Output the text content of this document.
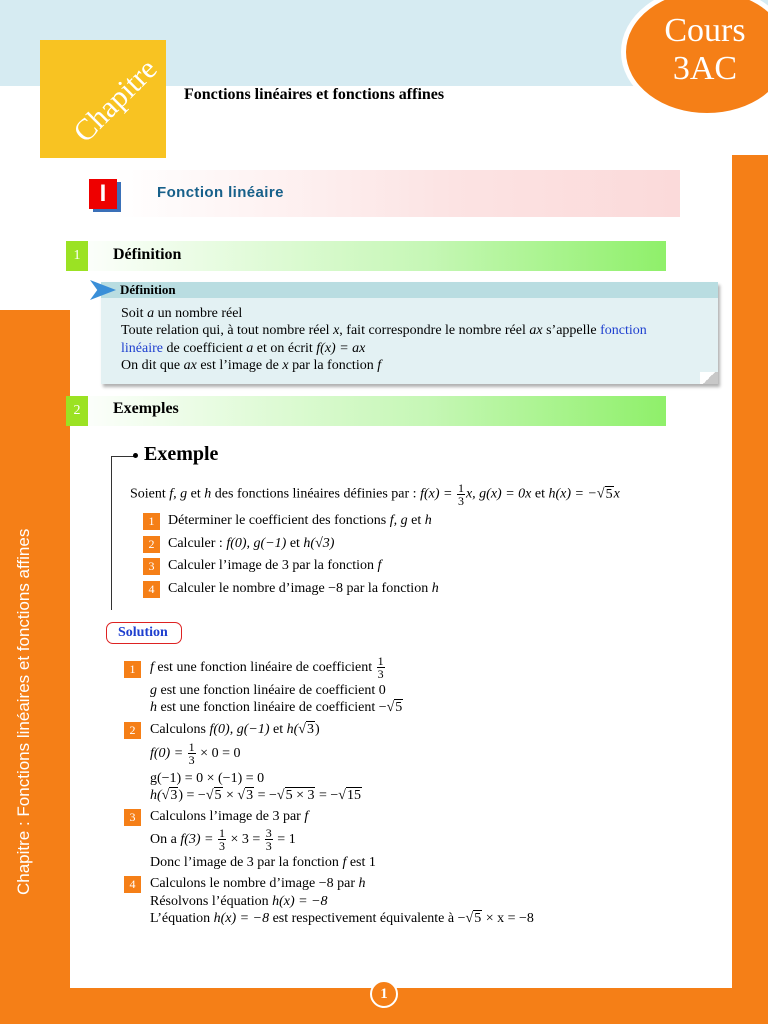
Cours 3AC
Chapitre Fonctions linéaires et fonctions affines
I	Fonction linéaire
1	Définition
Définition
Soit a un nombre réel
Toute relation qui, à tout nombre réel x, fait correspondre le nombre réel ax s’appelle fonction
linéaire de coefficient a et on écrit f(x) = ax
On dit que ax est l’image de x par la fonction f
2	Exemples
Exemple
Soient f, g et h des fonctions linéaires définies par : $f(x) = \frac{1}{3} x$, g(x) = 0x et h(x) = −√5x
1 Déterminer le coefficient des fonctions f, g et h
2 Calculer : f(0), g(−1) et h(√3)
3 Calculer l’image de 3 par la fonction f
4 Calculer le nombre d’image −8 par la fonction h
Solution
1	f est une fonction linéaire de coefficient $\frac{1}{3}$
g est une fonction linéaire de coefficient 0
h est une fonction linéaire de coefficient −√5
2	Calculons f(0), g(−1) et h(√3)
$f(0) = \frac{1}{3} \times 0 = 0$
g(−1) = 0 × (−1) = 0
h(√3) = −√5 × √3 = −√5 × 3 = −√15
3	Calculons l’image de 3 par f
On a $f(3) = \frac{1}{3} \times 3 = \frac{3}{3} = 1$
Donc l’image de 3 par la fonction f est 1
4	Calculons le nombre d’image −8 par h
Résolvons l’équation h(x) = −8
L’équation h(x) = −8 est respectivement équivalente à −√5 × x = −8
Chapitre : Fonctions linéaires et fonctions affines
1
